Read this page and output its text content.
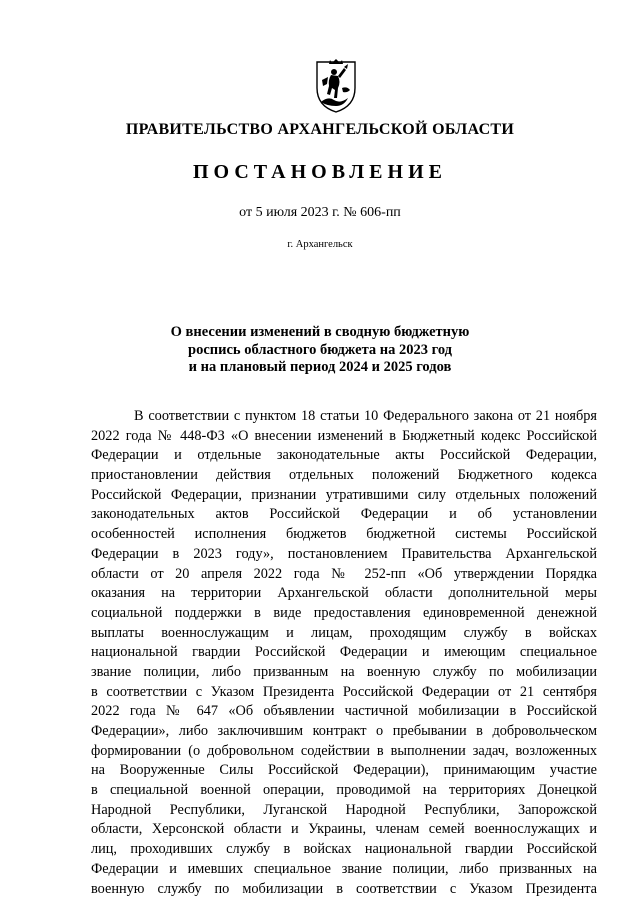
ПРАВИТЕЛЬСТВО АРХАНГЕЛЬСКОЙ ОБЛАСТИ
ПОСТАНОВЛЕНИЕ
от 5 июля 2023 г. № 606-пп
г. Архангельск
О внесении изменений в сводную бюджетную
роспись областного бюджета на 2023 год
и на плановый период 2024 и 2025 годов
В соответствии с пунктом 18 статьи 10 Федерального закона от 21 ноября
2022 года № 448-ФЗ «О внесении изменений в Бюджетный кодекс Российской
Федерации и отдельные законодательные акты Российской Федерации,
приостановлении действия отдельных положений Бюджетного кодекса
Российской Федерации, признании утратившими силу отдельных положений
законодательных актов Российской Федерации и об установлении
особенностей исполнения бюджетов бюджетной системы Российской
Федерации в 2023 году», постановлением Правительства Архангельской
области от 20 апреля 2022 года № 252-пп «Об утверждении Порядка
оказания на территории Архангельской области дополнительной меры
социальной поддержки в виде предоставления единовременной денежной
выплаты военнослужащим и лицам, проходящим службу в войсках
национальной гвардии Российской Федерации и имеющим специальное
звание полиции, либо призванным на военную службу по мобилизации
в соответствии с Указом Президента Российской Федерации от 21 сентября
2022 года № 647 «Об объявлении частичной мобилизации в Российской
Федерации», либо заключившим контракт о пребывании в добровольческом
формировании (о добровольном содействии в выполнении задач, возложенных
на Вооруженные Силы Российской Федерации), принимающим участие
в специальной военной операции, проводимой на территориях Донецкой
Народной Республики, Луганской Народной Республики, Запорожской
области, Херсонской области и Украины, членам семей военнослужащих и
лиц, проходивших службу в войсках национальной гвардии Российской
Федерации и имевших специальное звание полиции, либо призванных на
военную службу по мобилизации в соответствии с Указом Президента
